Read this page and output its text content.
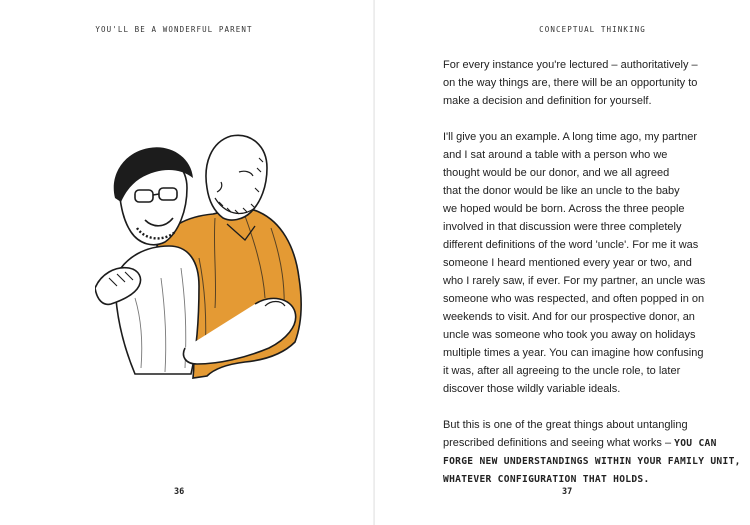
YOU'LL BE A WONDERFUL PARENT
36
CONCEPTUAL THINKING
37

For every instance you're lectured – authoritatively –
on the way things are, there will be an opportunity to
make a decision and definition for yourself.

I'll give you an example. A long time ago, my partner
and I sat around a table with a person who we
thought would be our donor, and we all agreed
that the donor would be like an uncle to the baby
we hoped would be born. Across the three people
involved in that discussion were three completely
different definitions of the word 'uncle'. For me it was
someone I heard mentioned every year or two, and
who I rarely saw, if ever. For my partner, an uncle was
someone who was respected, and often popped in on
weekends to visit. And for our prospective donor, an
uncle was someone who took you away on holidays
multiple times a year. You can imagine how confusing
it was, after all agreeing to the uncle role, to later
discover those wildly variable ideals.

But this is one of the great things about untangling
prescribed definitions and seeing what works – YOU CAN
FORGE NEW UNDERSTANDINGS WITHIN YOUR FAMILY UNIT,
WHATEVER CONFIGURATION THAT HOLDS.
